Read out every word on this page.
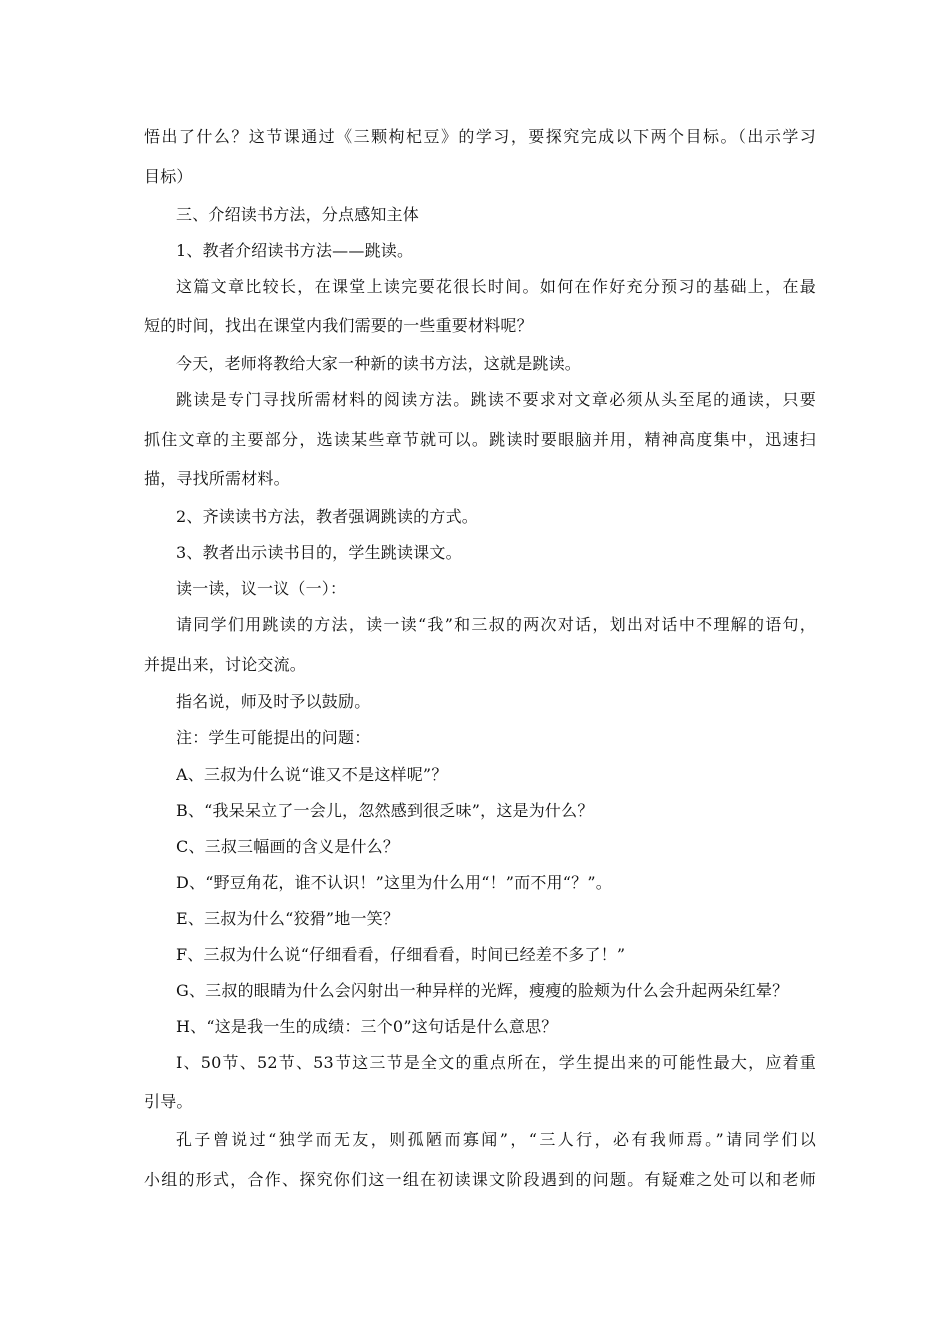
悟出了什么？这节课通过《三颗枸杞豆》的学习，要探究完成以下两个目标。（出示学习
目标）
三、介绍读书方法，分点感知主体
1、教者介绍读书方法——跳读。
这篇文章比较长，在课堂上读完要花很长时间。如何在作好充分预习的基础上，在最
短的时间，找出在课堂内我们需要的一些重要材料呢？
今天，老师将教给大家一种新的读书方法，这就是跳读。
跳读是专门寻找所需材料的阅读方法。跳读不要求对文章必须从头至尾的通读，只要
抓住文章的主要部分，选读某些章节就可以。跳读时要眼脑并用，精神高度集中，迅速扫
描，寻找所需材料。
2、齐读读书方法，教者强调跳读的方式。
3、教者出示读书目的，学生跳读课文。
读一读，议一议（一）：
请同学们用跳读的方法，读一读“我”和三叔的两次对话，划出对话中不理解的语句，
并提出来，讨论交流。
指名说，师及时予以鼓励。
注：学生可能提出的问题：
A、三叔为什么说“谁又不是这样呢”？
B、“我呆呆立了一会儿，忽然感到很乏味”，这是为什么？
C、三叔三幅画的含义是什么？
D、“野豆角花，谁不认识！”这里为什么用“！”而不用“？”。
E、三叔为什么“狡猾”地一笑？
F、三叔为什么说“仔细看看，仔细看看，时间已经差不多了！”
G、三叔的眼睛为什么会闪射出一种异样的光辉，瘦瘦的脸颊为什么会升起两朵红晕？
H、“这是我一生的成绩：三个0”这句话是什么意思？
I、50节、52节、53节这三节是全文的重点所在，学生提出来的可能性最大，应着重
引导。
孔子曾说过“独学而无友，则孤陋而寡闻”，“三人行，必有我师焉。”请同学们以
小组的形式，合作、探究你们这一组在初读课文阶段遇到的问题。有疑难之处可以和老师
